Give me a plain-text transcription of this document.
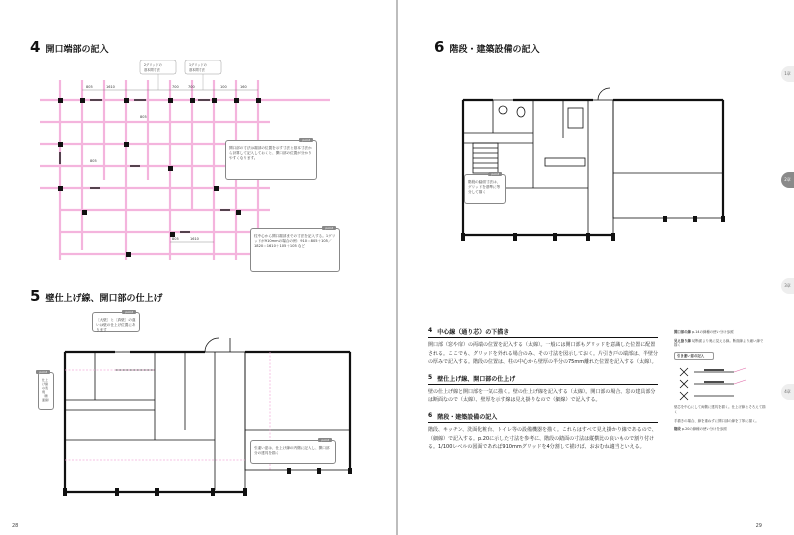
4 開口端部の記入
805	1610	700	700	100	160
805
805
805	1610
2グリッドの
基本間寸法
1グリッドの
基本間寸法
point
開口部の寸法は端部の位置を示す寸法と基本寸法から計算して記入しておくと、開口部の位置が分かりやすくなります。
point
柱中心から開口端部までの寸法を記入する。1グリッドが910mmの場合の例：910＝805＋105／1820＝1610＋105＋105 など
5 壁仕上げ線、開口部の仕上げ
point
〔大壁〕と〔真壁〕の違いは壁の仕上げ位置にあります
point
仕上げ線の表現（断面線）
point
引違い窓は、仕上げ線の内側に記入し、開口部分の建具を描く
28
6 階段・建築設備の記入
point
階段の踏面寸法は、グリッドを基準に等分して描く
4 中心線（通り芯）の下描き

開口部（窓や扉）の両端の位置を記入する（太線）。一般には開口部もグリッドを意識した位置に配置される。ここでも、グリッドを外れる場合のみ、その寸法を図示しておく。片引き戸の端部は、半壁分の厚みで記入する。階段の位置は、柱の中心から壁厚の半分の75mm離れた位置を記入する（太線）。

5 壁仕上げ線、開口部の仕上げ

壁の仕上げ線と開口部を一気に描く。壁の仕上げ線を記入する（太線）。開口部の場合、窓の建具部分は断面なので（太線）、壁厚を示す線は見え掛りなので（細線）で記入する。

6 階段・建築設備の記入

階段、キッチン、洗面化粧台、トイレ等の設備機器を描く。これらはすべて見え掛かり線であるので、（細線）で記入する。p.20に示した寸法を参考に、階段の踏面の寸法は縦横比の良いもので割り付ける。1/100レベルの図面であれば910mmグリッドを4分割して描けば、おおむね適当といえる。

開口部の線 p.14の線種の使い分け参照
見え掛り線 切断面より奥に見える線。断面線より細い線で描く
引き違い窓の記入
壁芯を中心にして両側に建具を描く。仕上げ線とそろえて描く
手描きの場合、線を重ねずに開口部の線を丁寧に描く。
階段 p.20の線種の使い分けを参照
1章
2章
3章
4章
29
